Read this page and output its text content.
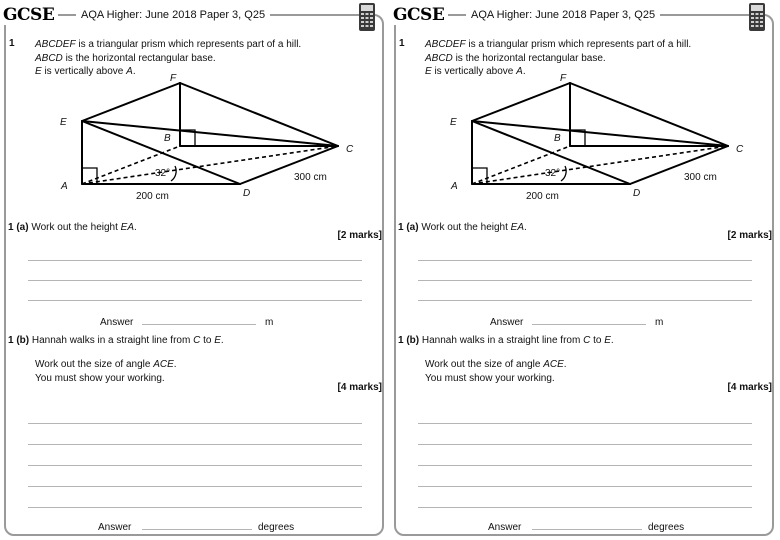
GCSE	AQA Higher: June 2018 Paper 3, Q25
1 ABCDEF is a triangular prism which represents part of a hill.
ABCD is the horizontal rectangular base.
E is vertically above A.
E
F
B
C
A
D
32°
200 cm
300 cm
1 (a) Work out the height EA.
[2 marks]
Answer	m
1 (b) Hannah walks in a straight line from C to E.
Work out the size of angle ACE.
You must show your working.
[4 marks]
Answer	degrees
GCSE	AQA Higher: June 2018 Paper 3, Q25
1 ABCDEF is a triangular prism which represents part of a hill.
ABCD is the horizontal rectangular base.
E is vertically above A.
E
F
B
C
A
D
32°
200 cm
300 cm
1 (a) Work out the height EA.
[2 marks]
Answer	m
1 (b) Hannah walks in a straight line from C to E.
Work out the size of angle ACE.
You must show your working.
[4 marks]
Answer	degrees
